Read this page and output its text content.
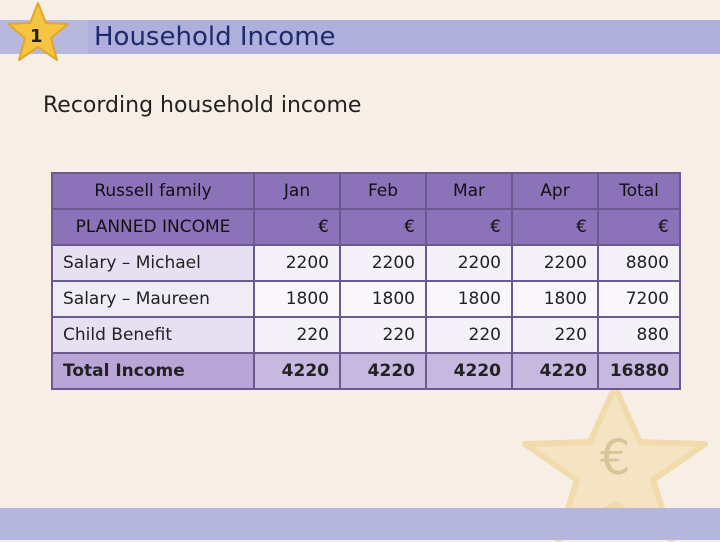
1 Household Income
Recording household income
€
Russell family	Jan	Feb	Mar	Apr	Total
PLANNED INCOME	€	€	€	€	€
Salary – Michael	2200	2200	2200	2200	8800
Salary – Maureen	1800	1800	1800	1800	7200
Child Benefit	220	220	220	220	880
Total Income	4220	4220	4220	4220	16880
